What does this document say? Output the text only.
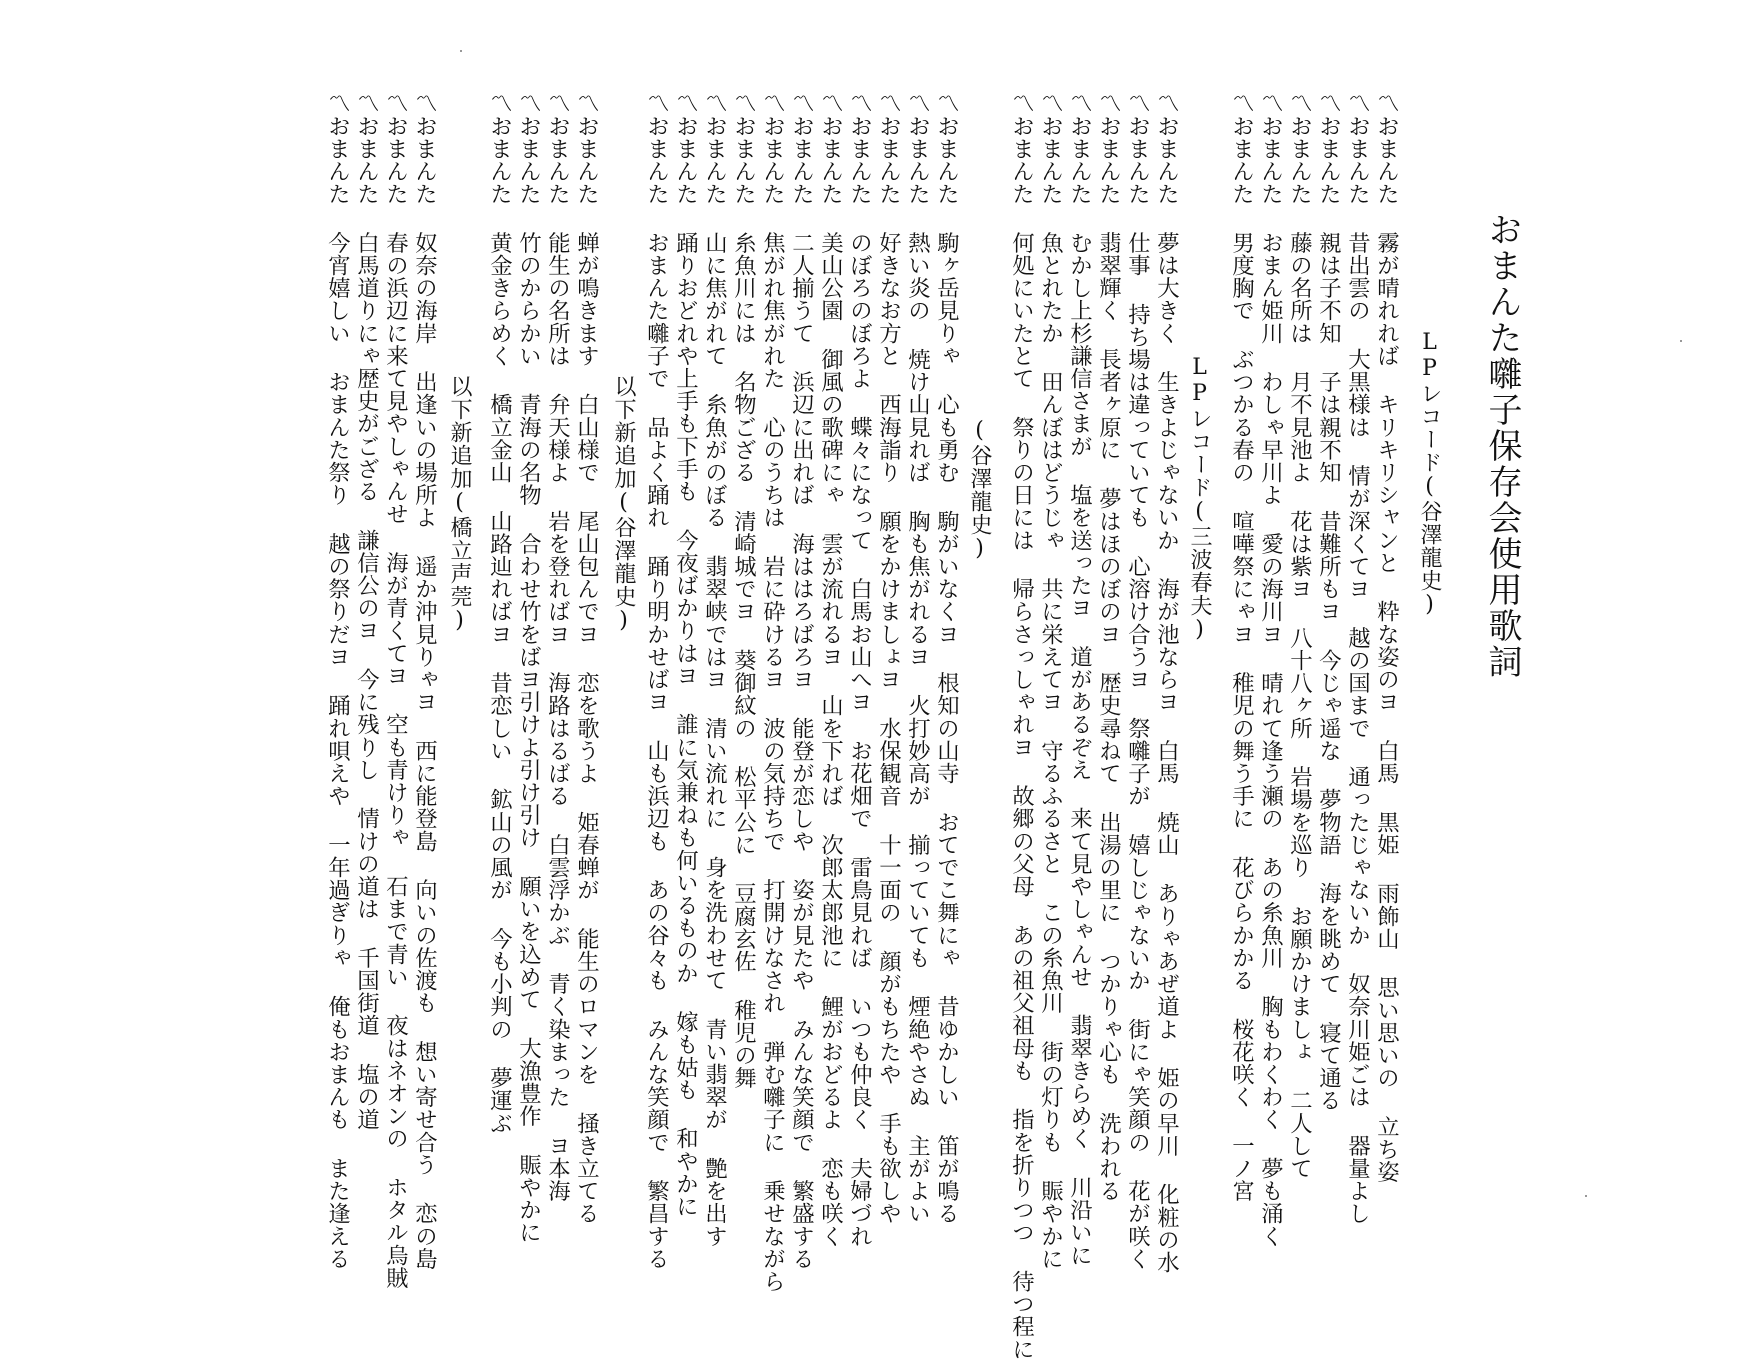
おまんた囃子保存会使用歌詞
LPレコード(谷澤龍史)
〽おまんた 霧が晴れれば キリキリシャンと 粋な姿のヨ 白馬 黒姫 雨飾山 思い思いの 立ち姿
〽おまんた 昔出雲の 大黒様は 情が深くてヨ 越の国まで 通ったじゃないか 奴奈川姫ごは 器量よし
〽おまんた 親は子不知 子は親不知 昔難所もヨ 今じゃ遥な 夢物語 海を眺めて 寝て通る
〽おまんた 藤の名所は 月不見池よ 花は紫ヨ 八十八ヶ所 岩場を巡り お願かけましょ 二人して
〽おまんた おまん姫川 わしゃ早川よ 愛の海川ヨ 晴れて逢う瀬の あの糸魚川 胸もわくわく 夢も涌く
〽おまんた 男度胸で ぶつかる春の 喧嘩祭にゃヨ 稚児の舞う手に 花びらかかる 桜花咲く 一ノ宮
LPレコード(三波春夫)
〽おまんた 夢は大きく 生きよじゃないか 海が池ならヨ 白馬 焼山 ありゃあぜ道よ 姫の早川 化粧の水
〽おまんた 仕事 持ち場は違っていても 心溶け合うヨ 祭囃子が 嬉しじゃないか 街にゃ笑顔の 花が咲く
〽おまんた 翡翠輝く 長者ヶ原に 夢はほのぼのヨ 歴史尋ねて 出湯の里に つかりゃ心も 洗われる
〽おまんた むかし上杉謙信さまが 塩を送ったヨ 道があるぞえ 来て見やしゃんせ 翡翠きらめく 川沿いに
〽おまんた 魚とれたか 田んぼはどうじゃ 共に栄えてヨ 守るふるさと この糸魚川 街の灯りも 賑やかに
〽おまんた 何処にいたとて 祭りの日には 帰らさっしゃれヨ 故郷の父母 あの祖父祖母も 指を折りつつ 待つ程に
(谷澤龍史)
〽おまんた 駒ヶ岳見りゃ 心も勇む 駒がいなくヨ 根知の山寺 おてでこ舞にゃ 昔ゆかしい 笛が鳴る
〽おまんた 熱い炎の 焼け山見れば 胸も焦がれるヨ 火打妙高が 揃っていても 煙絶やさぬ 主がよい
〽おまんた 好きなお方と 西海詣り 願をかけましょヨ 水保観音 十一面の 顔がもちたや 手も欲しや
〽おまんた のぼろのぼろよ 蝶々になって 白馬お山へヨ お花畑で 雷鳥見れば いつも仲良く 夫婦づれ
〽おまんた 美山公園 御風の歌碑にゃ 雲が流れるヨ 山を下れば 次郎太郎池に 鯉がおどるよ 恋も咲く
〽おまんた 二人揃うて 浜辺に出れば 海ははろばろヨ 能登が恋しや 姿が見たや みんな笑顔で 繁盛する
〽おまんた 焦がれ焦がれた 心のうちは 岩に砕けるヨ 波の気持ちで 打開けなされ 弾む囃子に 乗せながら
〽おまんた 糸魚川には 名物ござる 清崎城でヨ 葵御紋の 松平公に 豆腐玄佐 稚児の舞
〽おまんた 山に焦がれて 糸魚がのぼる 翡翠峡ではヨ 清い流れに 身を洗わせて 青い翡翠が 艶を出す
〽おまんた 踊りおどれや上手も下手も 今夜ばかりはヨ 誰に気兼ねも何いるものか 嫁も姑も 和やかに
〽おまんた おまんた囃子で 品よく踊れ 踊り明かせばヨ 山も浜辺も あの谷々も みんな笑顔で 繁昌する
以下新追加(谷澤龍史)
〽おまんた 蝉が鳴きます 白山様で 尾山包んでヨ 恋を歌うよ 姫春蝉が 能生のロマンを 掻き立てる
〽おまんた 能生の名所は 弁天様よ 岩を登ればヨ 海路はるばる 白雲浮かぶ 青く染まった ヨ本海
〽おまんた 竹のからかい 青海の名物 合わせ竹をばヨ引けよ引け引け 願いを込めて 大漁豊作 賑やかに
〽おまんた 黄金きらめく 橋立金山 山路辿ればヨ 昔恋しい 鉱山の風が 今も小判の 夢運ぶ
以下新追加(橋立声莞)
〽おまんた 奴奈の海岸 出逢いの場所よ 遥か沖見りゃヨ 西に能登島 向いの佐渡も 想い寄せ合う 恋の島
〽おまんた 春の浜辺に来て見やしゃんせ 海が青くてヨ 空も青けりゃ 石まで青い 夜はネオンの ホタル烏賊
〽おまんた 白馬道りにゃ歴史がござる 謙信公のヨ 今に残りし 情けの道は 千国街道 塩の道
〽おまんた 今宵嬉しい おまんた祭り 越の祭りだヨ 踊れ唄えや 一年過ぎりゃ 俺もおまんも また逢える
